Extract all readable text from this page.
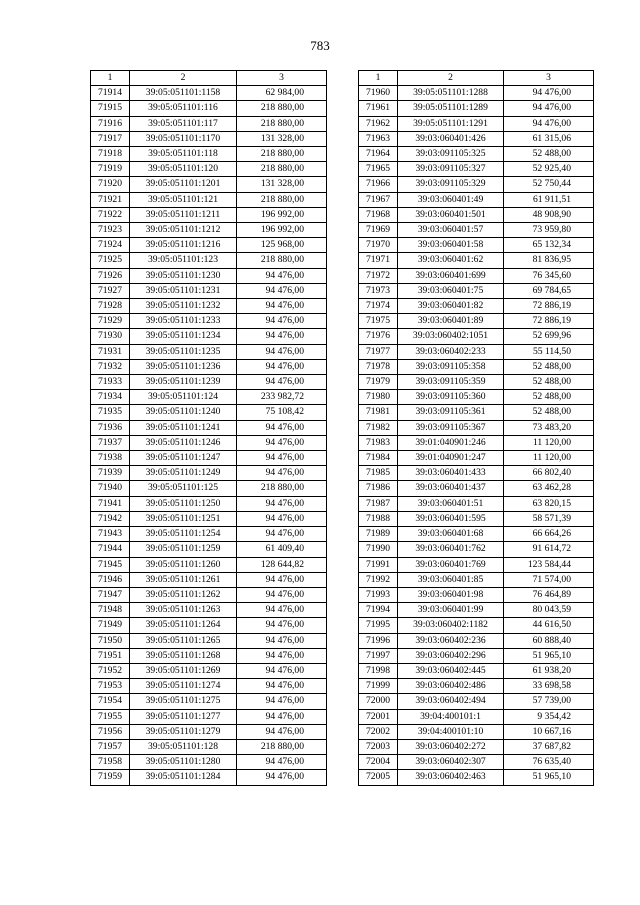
783
1	2	3
71914	39:05:051101:1158	62 984,00
71915	39:05:051101:116	218 880,00
71916	39:05:051101:117	218 880,00
71917	39:05:051101:1170	131 328,00
71918	39:05:051101:118	218 880,00
71919	39:05:051101:120	218 880,00
71920	39:05:051101:1201	131 328,00
71921	39:05:051101:121	218 880,00
71922	39:05:051101:1211	196 992,00
71923	39:05:051101:1212	196 992,00
71924	39:05:051101:1216	125 968,00
71925	39:05:051101:123	218 880,00
71926	39:05:051101:1230	94 476,00
71927	39:05:051101:1231	94 476,00
71928	39:05:051101:1232	94 476,00
71929	39:05:051101:1233	94 476,00
71930	39:05:051101:1234	94 476,00
71931	39:05:051101:1235	94 476,00
71932	39:05:051101:1236	94 476,00
71933	39:05:051101:1239	94 476,00
71934	39:05:051101:124	233 982,72
71935	39:05:051101:1240	75 108,42
71936	39:05:051101:1241	94 476,00
71937	39:05:051101:1246	94 476,00
71938	39:05:051101:1247	94 476,00
71939	39:05:051101:1249	94 476,00
71940	39:05:051101:125	218 880,00
71941	39:05:051101:1250	94 476,00
71942	39:05:051101:1251	94 476,00
71943	39:05:051101:1254	94 476,00
71944	39:05:051101:1259	61 409,40
71945	39:05:051101:1260	128 644,82
71946	39:05:051101:1261	94 476,00
71947	39:05:051101:1262	94 476,00
71948	39:05:051101:1263	94 476,00
71949	39:05:051101:1264	94 476,00
71950	39:05:051101:1265	94 476,00
71951	39:05:051101:1268	94 476,00
71952	39:05:051101:1269	94 476,00
71953	39:05:051101:1274	94 476,00
71954	39:05:051101:1275	94 476,00
71955	39:05:051101:1277	94 476,00
71956	39:05:051101:1279	94 476,00
71957	39:05:051101:128	218 880,00
71958	39:05:051101:1280	94 476,00
71959	39:05:051101:1284	94 476,00
1	2	3
71960	39:05:051101:1288	94 476,00
71961	39:05:051101:1289	94 476,00
71962	39:05:051101:1291	94 476,00
71963	39:03:060401:426	61 315,06
71964	39:03:091105:325	52 488,00
71965	39:03:091105:327	52 925,40
71966	39:03:091105:329	52 750,44
71967	39:03:060401:49	61 911,51
71968	39:03:060401:501	48 908,90
71969	39:03:060401:57	73 959,80
71970	39:03:060401:58	65 132,34
71971	39:03:060401:62	81 836,95
71972	39:03:060401:699	76 345,60
71973	39:03:060401:75	69 784,65
71974	39:03:060401:82	72 886,19
71975	39:03:060401:89	72 886,19
71976	39:03:060402:1051	52 699,96
71977	39:03:060402:233	55 114,50
71978	39:03:091105:358	52 488,00
71979	39:03:091105:359	52 488,00
71980	39:03:091105:360	52 488,00
71981	39:03:091105:361	52 488,00
71982	39:03:091105:367	73 483,20
71983	39:01:040901:246	11 120,00
71984	39:01:040901:247	11 120,00
71985	39:03:060401:433	66 802,40
71986	39:03:060401:437	63 462,28
71987	39:03:060401:51	63 820,15
71988	39:03:060401:595	58 571,39
71989	39:03:060401:68	66 664,26
71990	39:03:060401:762	91 614,72
71991	39:03:060401:769	123 584,44
71992	39:03:060401:85	71 574,00
71993	39:03:060401:98	76 464,89
71994	39:03:060401:99	80 043,59
71995	39:03:060402:1182	44 616,50
71996	39:03:060402:236	60 888,40
71997	39:03:060402:296	51 965,10
71998	39:03:060402:445	61 938,20
71999	39:03:060402:486	33 698,58
72000	39:03:060402:494	57 739,00
72001	39:04:400101:1	9 354,42
72002	39:04:400101:10	10 667,16
72003	39:03:060402:272	37 687,82
72004	39:03:060402:307	76 635,40
72005	39:03:060402:463	51 965,10
